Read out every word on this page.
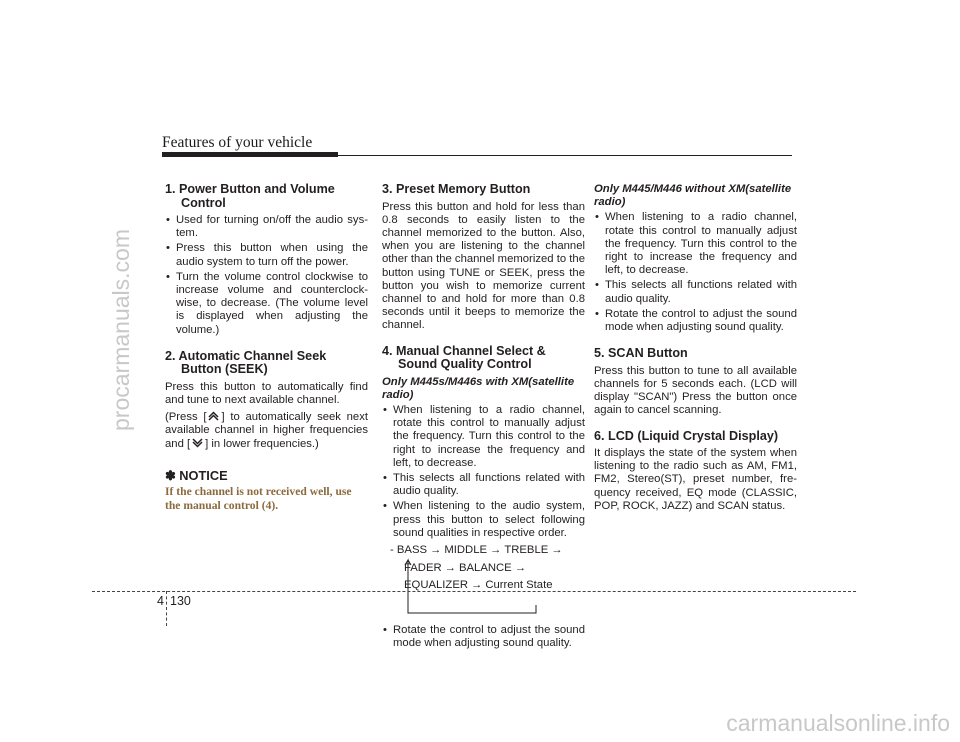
Features of your vehicle
procarmanuals.com
1. Power Button and Volume
Control
• Used for turning on/off the audio sys-tem.
• Press this button when using the audio system to turn off the power.
• Turn the volume control clockwise to increase volume and counterclock-wise, to decrease. (The volume level is displayed when adjusting the volume.)
2. Automatic Channel Seek
Button (SEEK)

Press this button to automatically find and tune to next available channel.

(Press [ ] to automatically seek next available channel in higher frequencies and [ ] in lower frequencies.)

✽ NOTICE
If the channel is not received well, use the manual control (4).
3. Preset Memory Button

Press this button and hold for less than 0.8 seconds to easily listen to the channel memorized to the button. Also, when you are listening to the channel other than the channel memorized to the button using TUNE or SEEK, press the button you wish to memorize current channel to and hold for more than 0.8 seconds until it beeps to memorize the channel.

4. Manual Channel Select &
Sound Quality Control
Only M445s/M446s with XM(satellite radio)
• When listening to a radio channel, rotate this control to manually adjust the frequency. Turn this control to the right to increase the frequency and left, to decrease.
• This selects all functions related with audio quality.
• When listening to the audio system, press this button to select following sound qualities in respective order.
- BASS → MIDDLE → TREBLE →
FADER → BALANCE →
EQUALIZER → Current State
• Rotate the control to adjust the sound mode when adjusting sound quality.
Only M445/M446 without XM(satellite radio)
• When listening to a radio channel, rotate this control to manually adjust the frequency. Turn this control to the right to increase the frequency and left, to decrease.
• This selects all functions related with audio quality.
• Rotate the control to adjust the sound mode when adjusting sound quality.
5. SCAN Button

Press this button to tune to all available channels for 5 seconds each. (LCD will display "SCAN") Press the button once again to cancel scanning.

6. LCD (Liquid Crystal Display)

It displays the state of the system when listening to the radio such as AM, FM1, FM2, Stereo(ST), preset number, fre-quency received, EQ mode (CLASSIC, POP, ROCK, JAZZ) and SCAN status.

4 130
carmanualsonline.info
